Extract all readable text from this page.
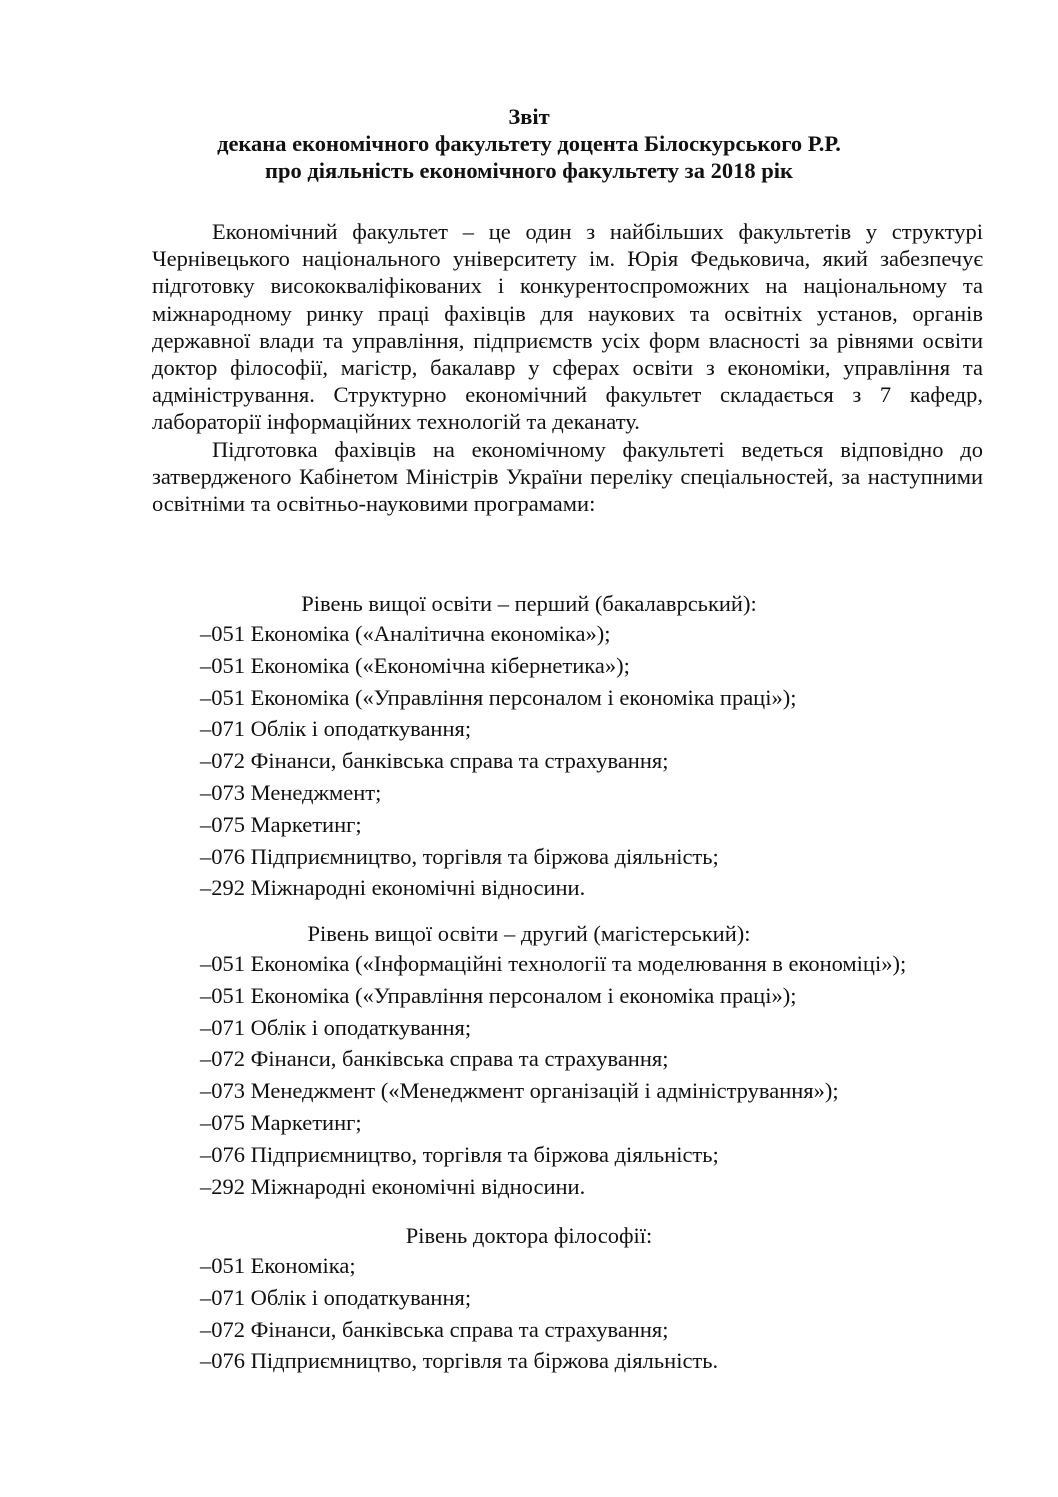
Звіт
декана економічного факультету доцента Білоскурського Р.Р.
про діяльність економічного факультету за 2018 рік

Економічний факультет – це один з найбільших факультетів у структурі Чернівецького національного університету ім. Юрія Федьковича, який забезпечує підготовку висококваліфікованих і конкурентоспроможних на національному та міжнародному ринку праці фахівців для наукових та освітніх установ, органів державної влади та управління, підприємств усіх форм власності за рівнями освіти доктор філософії, магістр, бакалавр у сферах освіти з економіки, управління та адміністрування. Структурно економічний факультет складається з 7 кафедр, лабораторії інформаційних технологій та деканату.

Підготовка фахівців на економічному факультеті ведеться відповідно до затвердженого Кабінетом Міністрів України переліку спеціальностей, за наступними освітніми та освітньо-науковими програмами:

Рівень вищої освіти – перший (бакалаврський):
–051 Економіка («Аналітична економіка»);
–051 Економіка («Економічна кібернетика»);
–051 Економіка («Управління персоналом і економіка праці»);
–071 Облік і оподаткування;
–072 Фінанси, банківська справа та страхування;
–073 Менеджмент;
–075 Маркетинг;
–076 Підприємництво, торгівля та біржова діяльність;
–292 Міжнародні економічні відносини.
Рівень вищої освіти – другий (магістерський):
–051 Економіка («Інформаційні технології та моделювання в економіці»);
–051 Економіка («Управління персоналом і економіка праці»);
–071 Облік і оподаткування;
–072 Фінанси, банківська справа та страхування;
–073 Менеджмент («Менеджмент організацій і адміністрування»);
–075 Маркетинг;
–076 Підприємництво, торгівля та біржова діяльність;
–292 Міжнародні економічні відносини.
Рівень доктора філософії:
–051 Економіка;
–071 Облік і оподаткування;
–072 Фінанси, банківська справа та страхування;
–076 Підприємництво, торгівля та біржова діяльність.
